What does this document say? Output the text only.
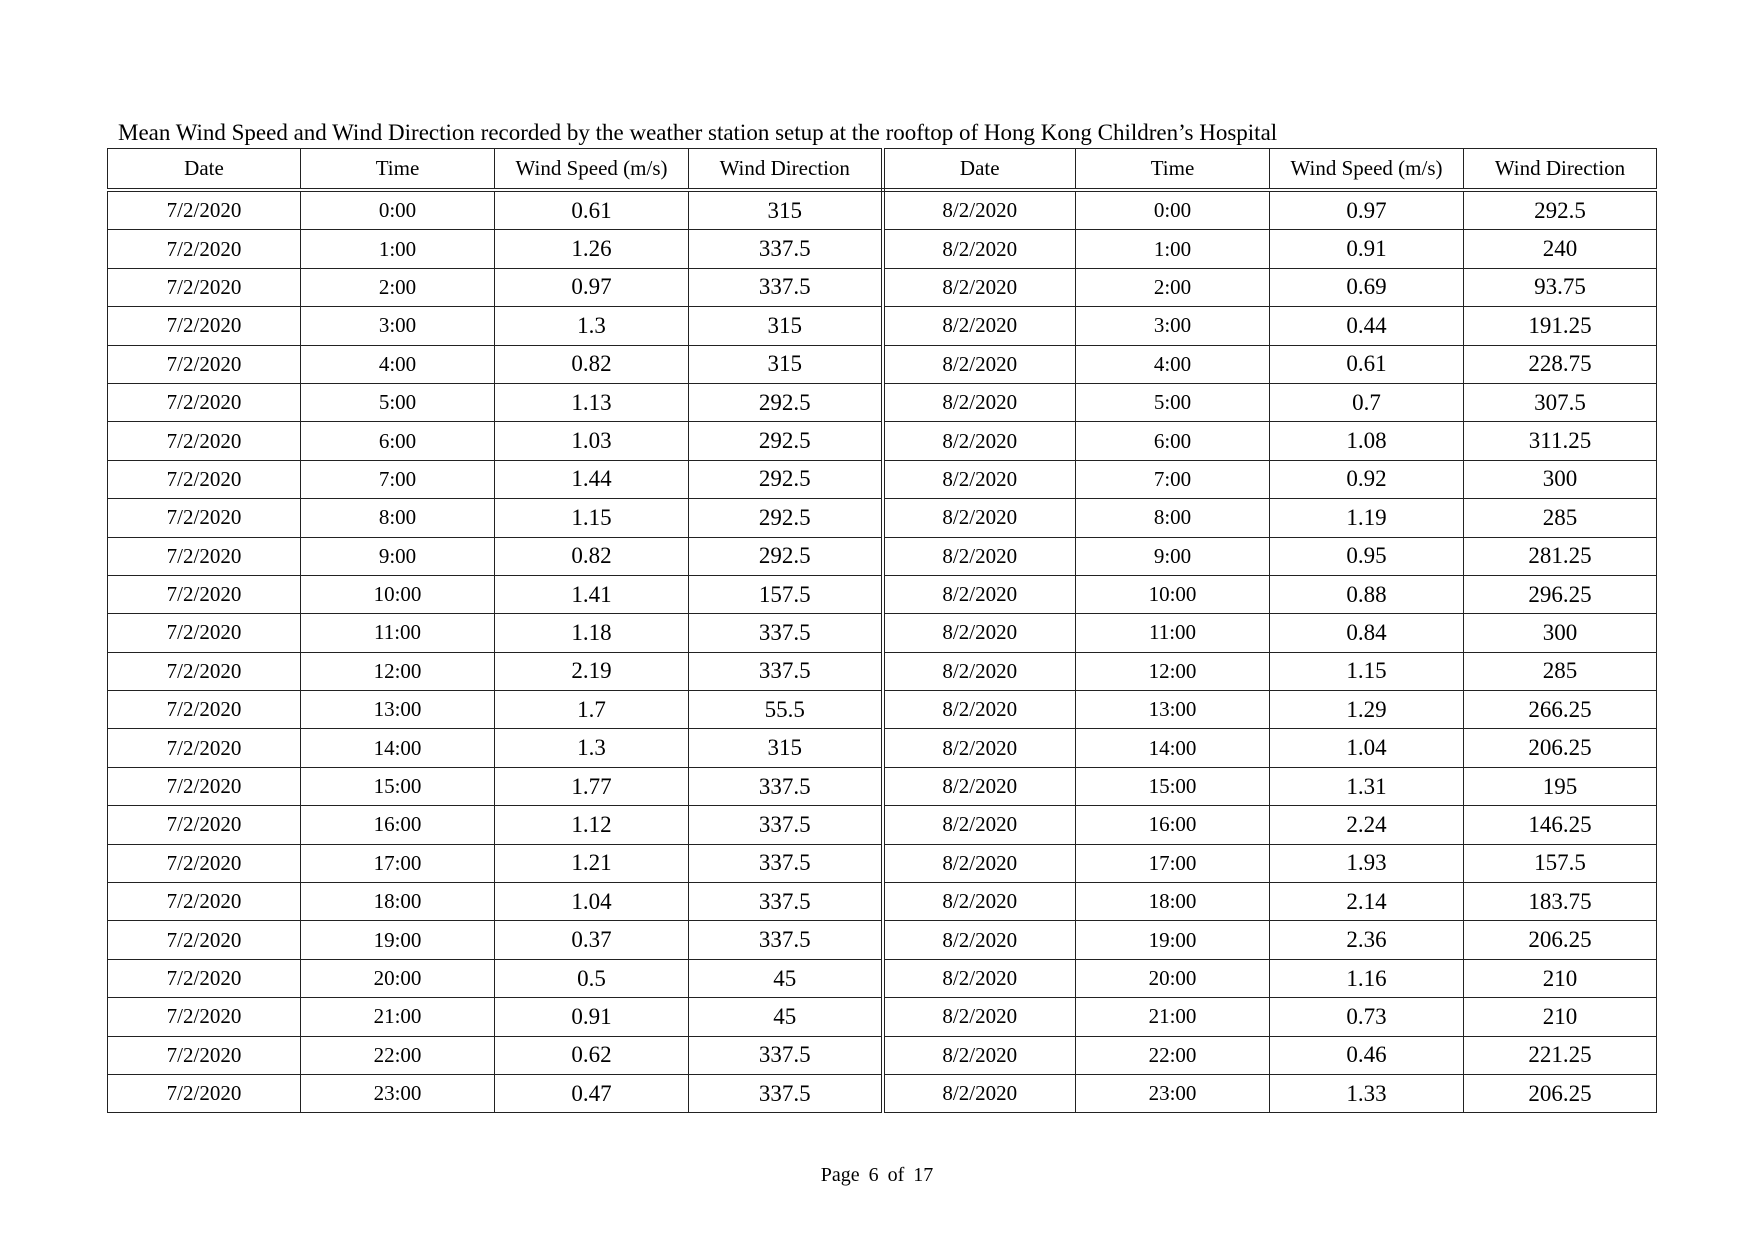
Mean Wind Speed and Wind Direction recorded by the weather station setup at the rooftop of Hong Kong Children’s Hospital
Date	Time	Wind Speed (m/s)	Wind Direction	Date	Time	Wind Speed (m/s)	Wind Direction
7/2/2020	0:00	0.61	315	8/2/2020	0:00	0.97	292.5
7/2/2020	1:00	1.26	337.5	8/2/2020	1:00	0.91	240
7/2/2020	2:00	0.97	337.5	8/2/2020	2:00	0.69	93.75
7/2/2020	3:00	1.3	315	8/2/2020	3:00	0.44	191.25
7/2/2020	4:00	0.82	315	8/2/2020	4:00	0.61	228.75
7/2/2020	5:00	1.13	292.5	8/2/2020	5:00	0.7	307.5
7/2/2020	6:00	1.03	292.5	8/2/2020	6:00	1.08	311.25
7/2/2020	7:00	1.44	292.5	8/2/2020	7:00	0.92	300
7/2/2020	8:00	1.15	292.5	8/2/2020	8:00	1.19	285
7/2/2020	9:00	0.82	292.5	8/2/2020	9:00	0.95	281.25
7/2/2020	10:00	1.41	157.5	8/2/2020	10:00	0.88	296.25
7/2/2020	11:00	1.18	337.5	8/2/2020	11:00	0.84	300
7/2/2020	12:00	2.19	337.5	8/2/2020	12:00	1.15	285
7/2/2020	13:00	1.7	55.5	8/2/2020	13:00	1.29	266.25
7/2/2020	14:00	1.3	315	8/2/2020	14:00	1.04	206.25
7/2/2020	15:00	1.77	337.5	8/2/2020	15:00	1.31	195
7/2/2020	16:00	1.12	337.5	8/2/2020	16:00	2.24	146.25
7/2/2020	17:00	1.21	337.5	8/2/2020	17:00	1.93	157.5
7/2/2020	18:00	1.04	337.5	8/2/2020	18:00	2.14	183.75
7/2/2020	19:00	0.37	337.5	8/2/2020	19:00	2.36	206.25
7/2/2020	20:00	0.5	45	8/2/2020	20:00	1.16	210
7/2/2020	21:00	0.91	45	8/2/2020	21:00	0.73	210
7/2/2020	22:00	0.62	337.5	8/2/2020	22:00	0.46	221.25
7/2/2020	23:00	0.47	337.5	8/2/2020	23:00	1.33	206.25
Page 6 of 17
